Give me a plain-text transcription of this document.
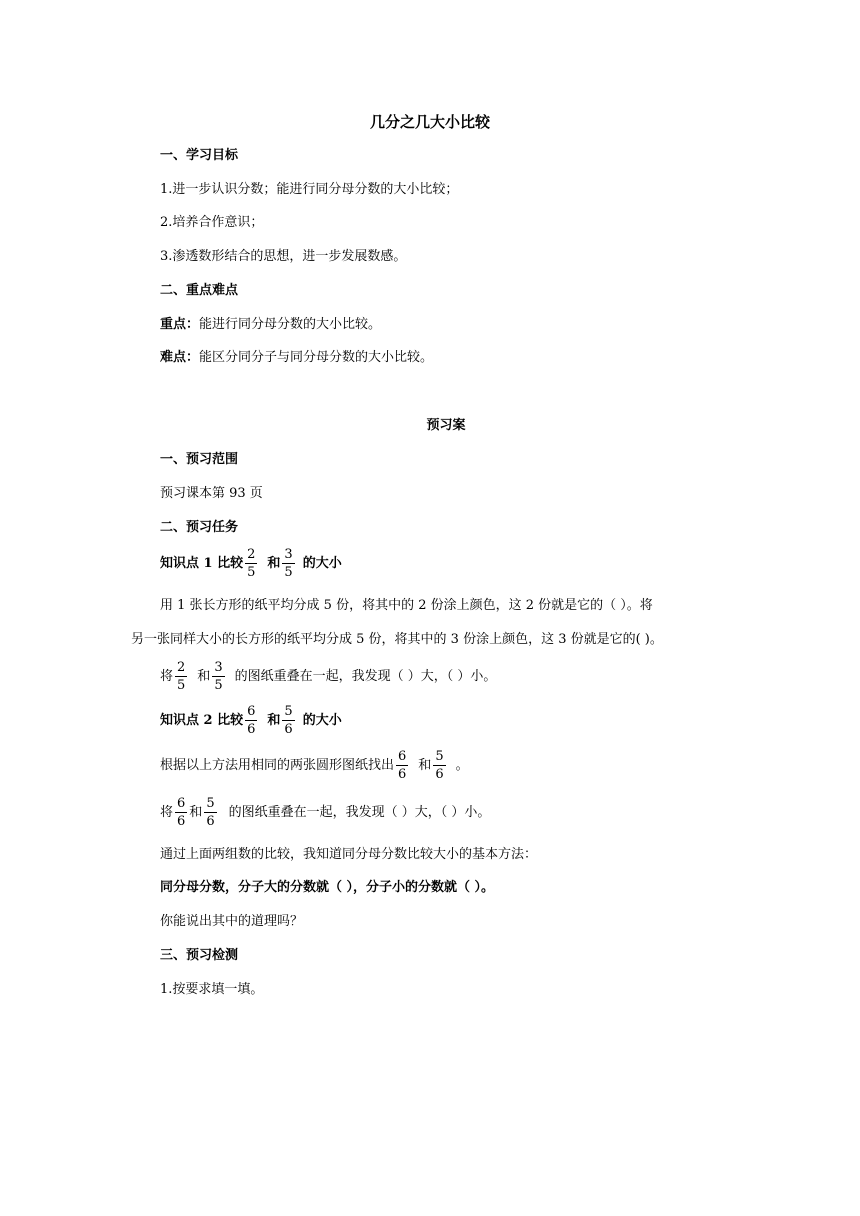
几分之几大小比较
一、学习目标
1.进一步认识分数；能进行同分母分数的大小比较；
2.培养合作意识；
3.渗透数形结合的思想，进一步发展数感。
二、重点难点
重点：能进行同分母分数的大小比较。
难点：能区分同分子与同分母分数的大小比较。
预习案
一、预习范围
预习课本第 93 页
二、预习任务
知识点 1 比较 $\frac{2}{5}$ 和 $\frac{3}{5}$ 的大小
用 1 张长方形的纸平均分成 5 份，将其中的 2 份涂上颜色，这 2 份就是它的（ ）。将
另一张同样大小的长方形的纸平均分成 5 份，将其中的 3 份涂上颜色，这 3 份就是它的( )。
将 $\frac{2}{5}$ 和 $\frac{3}{5}$ 的图纸重叠在一起，我发现（ ）大，（ ）小。
知识点 2 比较 $\frac{6}{6}$ 和 $\frac{5}{6}$ 的大小
根据以上方法用相同的两张圆形图纸找出 $\frac{6}{6}$ 和 $\frac{5}{6}$ 。
将 $\frac{6}{6}$ 和 $\frac{5}{6}$ 的图纸重叠在一起，我发现（ ）大，（ ）小。
通过上面两组数的比较，我知道同分母分数比较大小的基本方法：
同分母分数，分子大的分数就（ ），分子小的分数就（ ）。
你能说出其中的道理吗？
三、预习检测
1.按要求填一填。
